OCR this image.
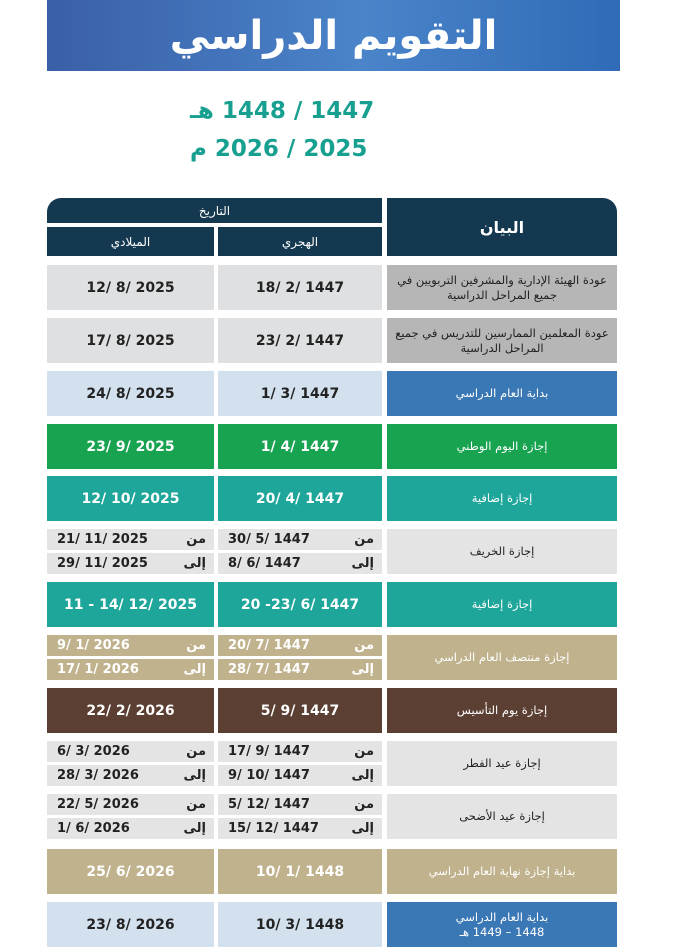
التقويم الدراسي
1447 / 1448 هـ
2025 / 2026 م
البيان
التاريخ
الهجري
الميلادي
عودة الهيئة الإدارية والمشرفين التربويين في جميع المراحل الدراسية
18/ 2/ 1447
12/ 8/ 2025
عودة المعلمين الممارسين للتدريس في جميع المراحل الدراسية
23/ 2/ 1447
17/ 8/ 2025
بداية العام الدراسي
1/ 3/ 1447
24/ 8/ 2025
إجازة اليوم الوطني
1/ 4/ 1447
23/ 9/ 2025
إجازة إضافية
20/ 4/ 1447
12/ 10/ 2025
إجازة الخريف
من
30/ 5/ 1447
إلى
8/ 6/ 1447
من
21/ 11/ 2025
إلى
29/ 11/ 2025
إجازة إضافية
20 -23/ 6/ 1447
11 - 14/ 12/ 2025
إجازة منتصف العام الدراسي
من
20/ 7/ 1447
إلى
28/ 7/ 1447
من
9/ 1/ 2026
إلى
17/ 1/ 2026
إجازة يوم التأسيس
5/ 9/ 1447
22/ 2/ 2026
إجازة عيد الفطر
من
17/ 9/ 1447
إلى
9/ 10/ 1447
من
6/ 3/ 2026
إلى
28/ 3/ 2026
إجازة عيد الأضحى
من
5/ 12/ 1447
إلى
15/ 12/ 1447
من
22/ 5/ 2026
إلى
1/ 6/ 2026
بداية إجازة نهاية العام الدراسي
10/ 1/ 1448
25/ 6/ 2026
بداية العام الدراسي
1448 – 1449 هـ
10/ 3/ 1448
23/ 8/ 2026
